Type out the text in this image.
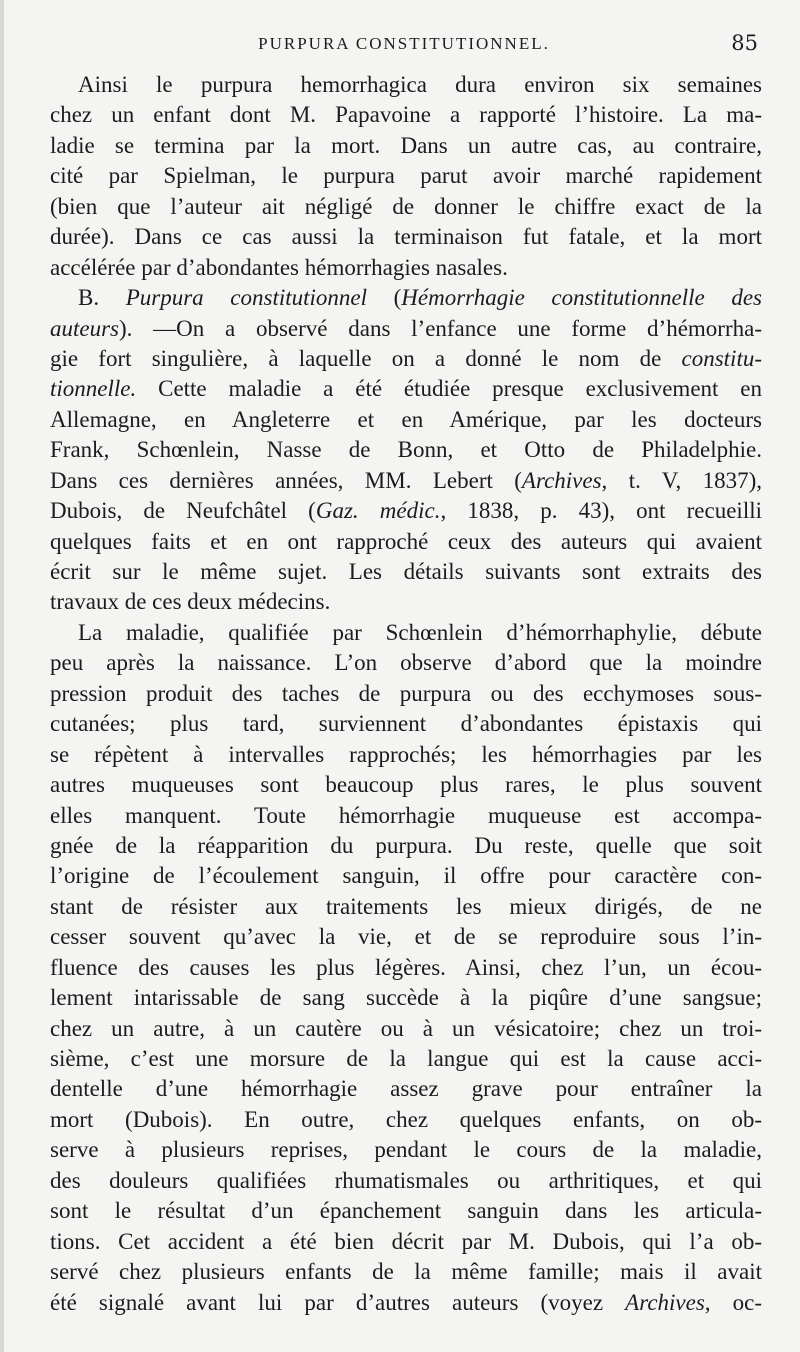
PURPURA CONSTITUTIONNEL.	85
Ainsi le purpura hemorrhagica dura environ six semaines
chez un enfant dont M. Papavoine a rapporté l’histoire. La ma-
ladie se termina par la mort. Dans un autre cas, au contraire,
cité par Spielman, le purpura parut avoir marché rapidement
(bien que l’auteur ait négligé de donner le chiffre exact de la
durée). Dans ce cas aussi la terminaison fut fatale, et la mort
accélérée par d’abondantes hémorrhagies nasales.
B. Purpura constitutionnel (Hémorrhagie constitutionnelle des
auteurs). —On a observé dans l’enfance une forme d’hémorrha-
gie fort singulière, à laquelle on a donné le nom de constitu-
tionnelle. Cette maladie a été étudiée presque exclusivement en
Allemagne, en Angleterre et en Amérique, par les docteurs
Frank, Schœnlein, Nasse de Bonn, et Otto de Philadelphie.
Dans ces dernières années, MM. Lebert (Archives, t. V, 1837),
Dubois, de Neufchâtel (Gaz. médic., 1838, p. 43), ont recueilli
quelques faits et en ont rapproché ceux des auteurs qui avaient
écrit sur le même sujet. Les détails suivants sont extraits des
travaux de ces deux médecins.
La maladie, qualifiée par Schœnlein d’hémorrhaphylie, débute
peu après la naissance. L’on observe d’abord que la moindre
pression produit des taches de purpura ou des ecchymoses sous-
cutanées; plus tard, surviennent d’abondantes épistaxis qui
se répètent à intervalles rapprochés; les hémorrhagies par les
autres muqueuses sont beaucoup plus rares, le plus souvent
elles manquent. Toute hémorrhagie muqueuse est accompa-
gnée de la réapparition du purpura. Du reste, quelle que soit
l’origine de l’écoulement sanguin, il offre pour caractère con-
stant de résister aux traitements les mieux dirigés, de ne
cesser souvent qu’avec la vie, et de se reproduire sous l’in-
fluence des causes les plus légères. Ainsi, chez l’un, un écou-
lement intarissable de sang succède à la piqûre d’une sangsue;
chez un autre, à un cautère ou à un vésicatoire; chez un troi-
sième, c’est une morsure de la langue qui est la cause acci-
dentelle d’une hémorrhagie assez grave pour entraîner la
mort (Dubois). En outre, chez quelques enfants, on ob-
serve à plusieurs reprises, pendant le cours de la maladie,
des douleurs qualifiées rhumatismales ou arthritiques, et qui
sont le résultat d’un épanchement sanguin dans les articula-
tions. Cet accident a été bien décrit par M. Dubois, qui l’a ob-
servé chez plusieurs enfants de la même famille; mais il avait
été signalé avant lui par d’autres auteurs (voyez Archives, oc-
